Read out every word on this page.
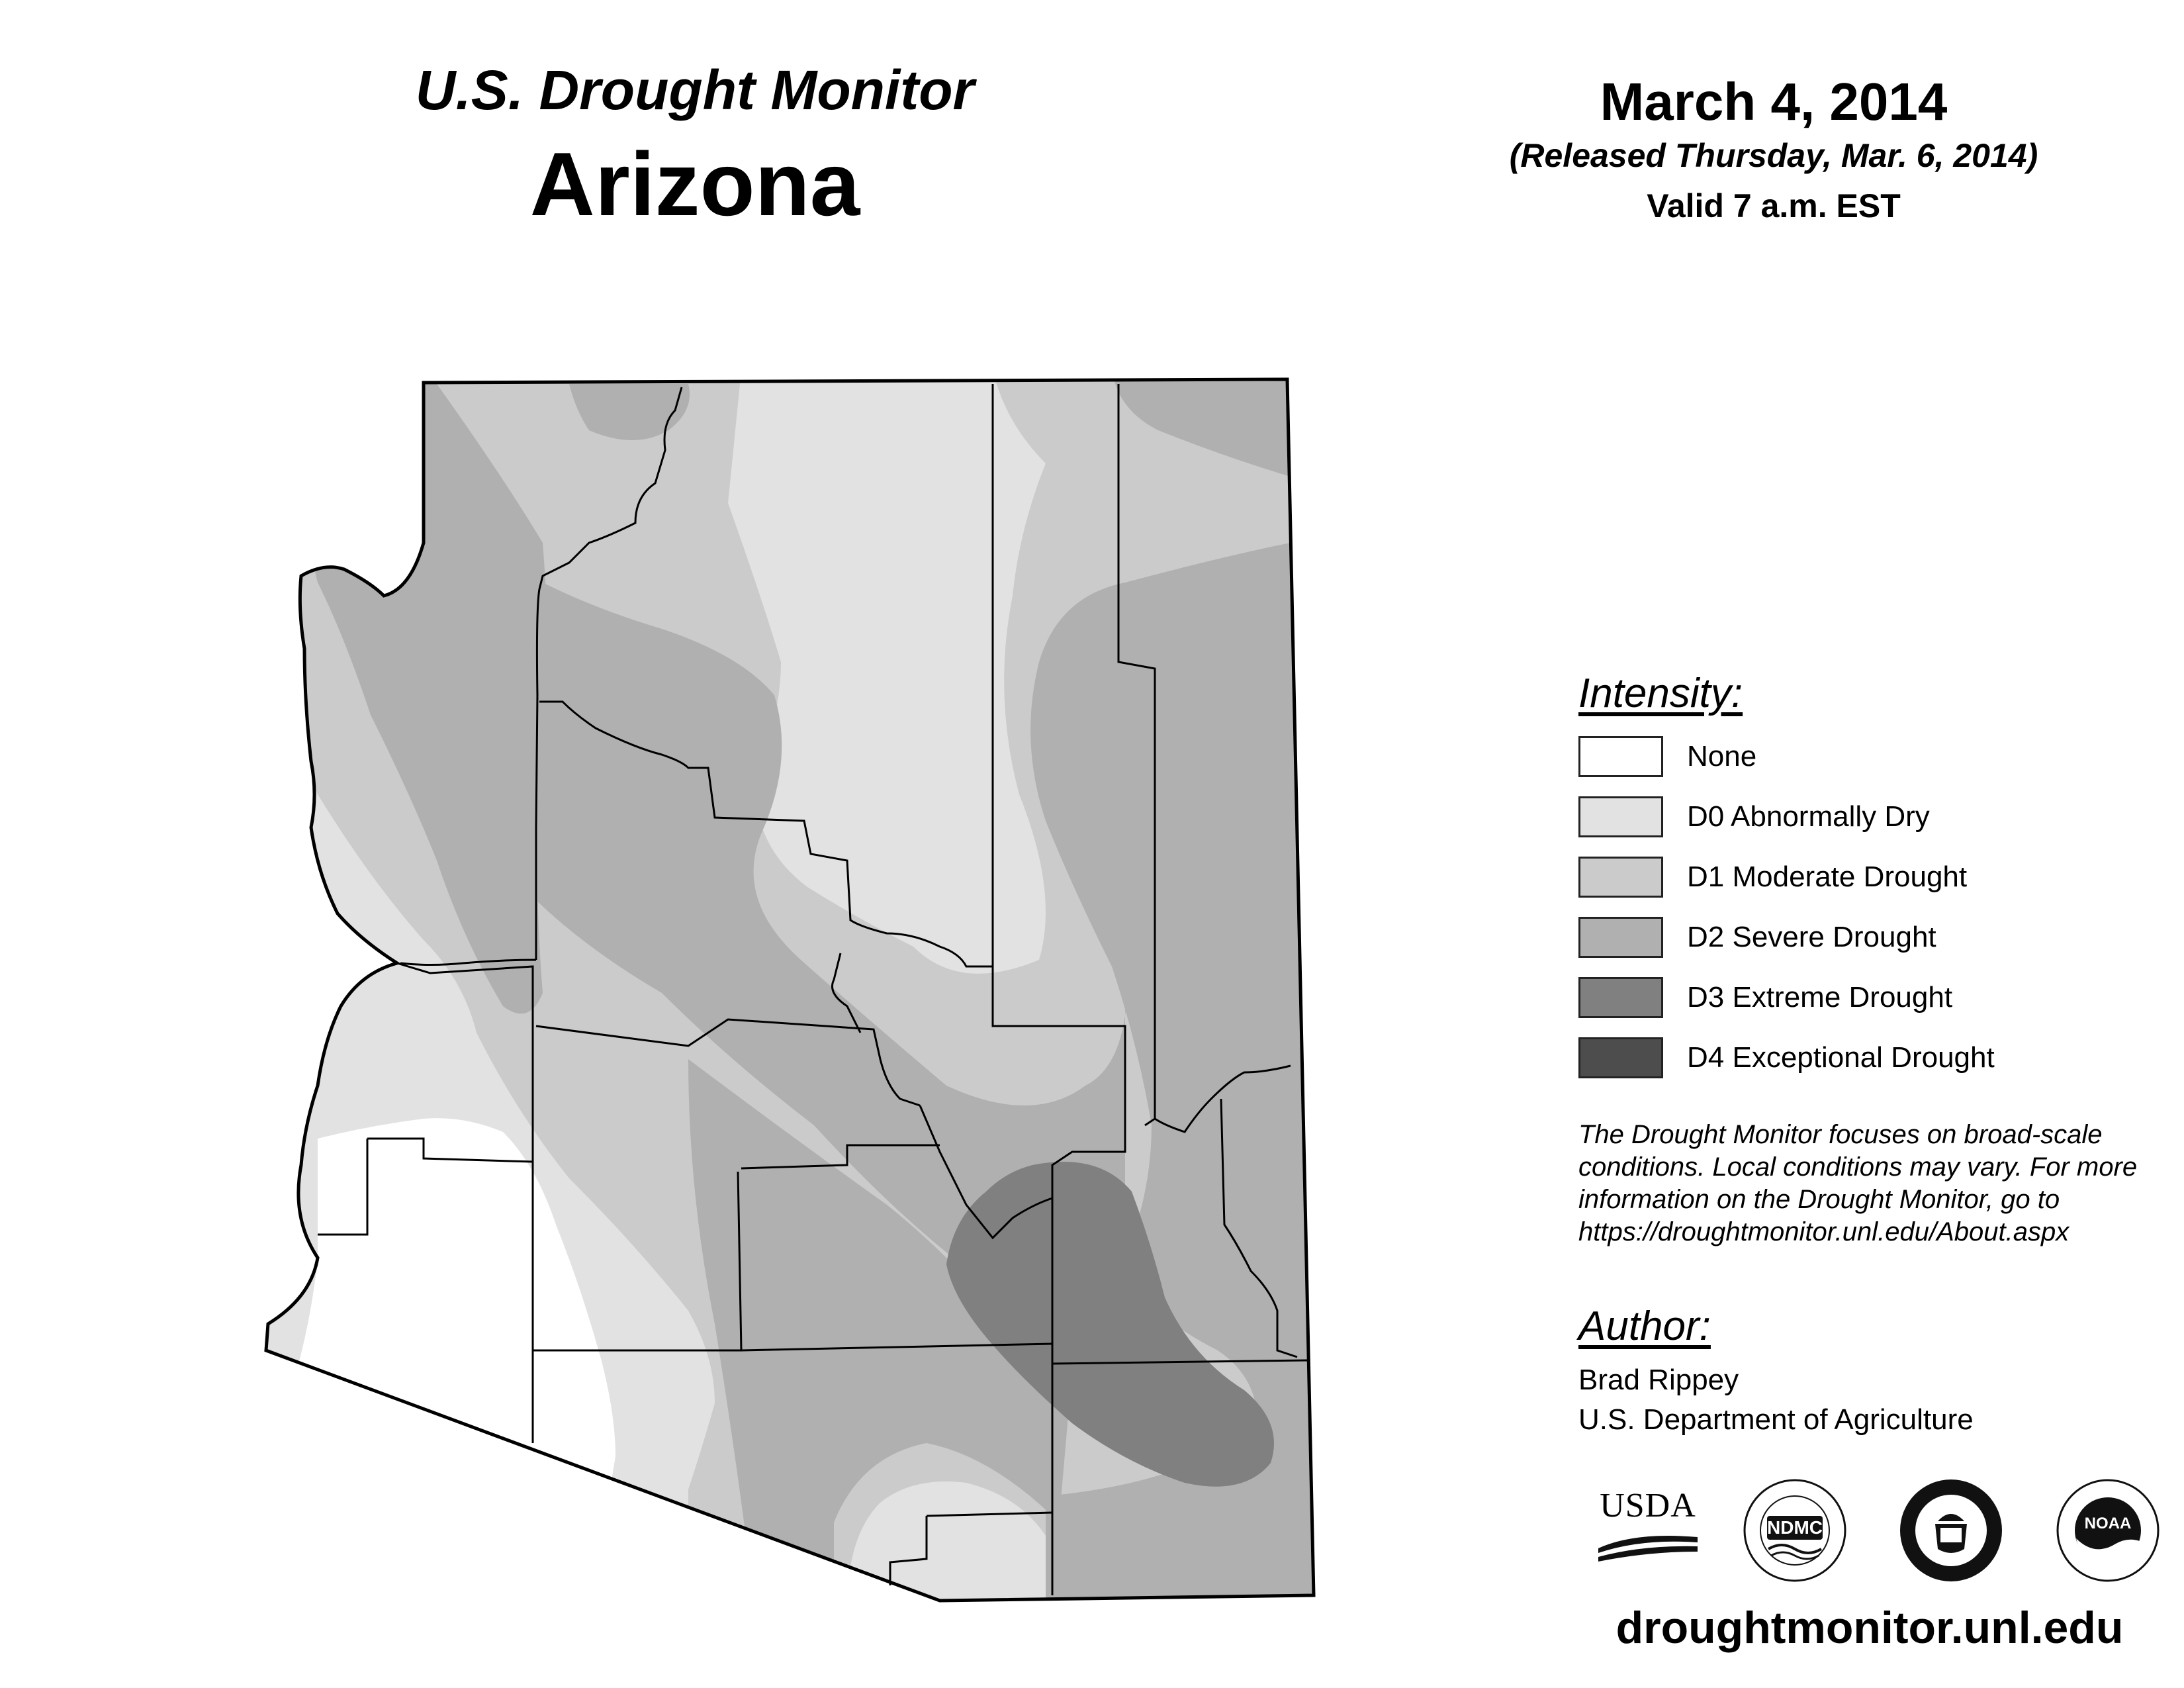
U.S. Drought Monitor
Arizona
March 4, 2014
(Released Thursday, Mar. 6, 2014)
Valid 7 a.m. EST
Intensity:
None
D0 Abnormally Dry
D1 Moderate Drought
D2 Severe Drought
D3 Extreme Drought
D4 Exceptional Drought
The Drought Monitor focuses on broad-scale
conditions. Local conditions may vary. For more
information on the Drought Monitor, go to
https://droughtmonitor.unl.edu/About.aspx
Author:
Brad Rippey
U.S. Department of Agriculture
USDA
NDMC	NOAA
droughtmonitor.unl.edu
